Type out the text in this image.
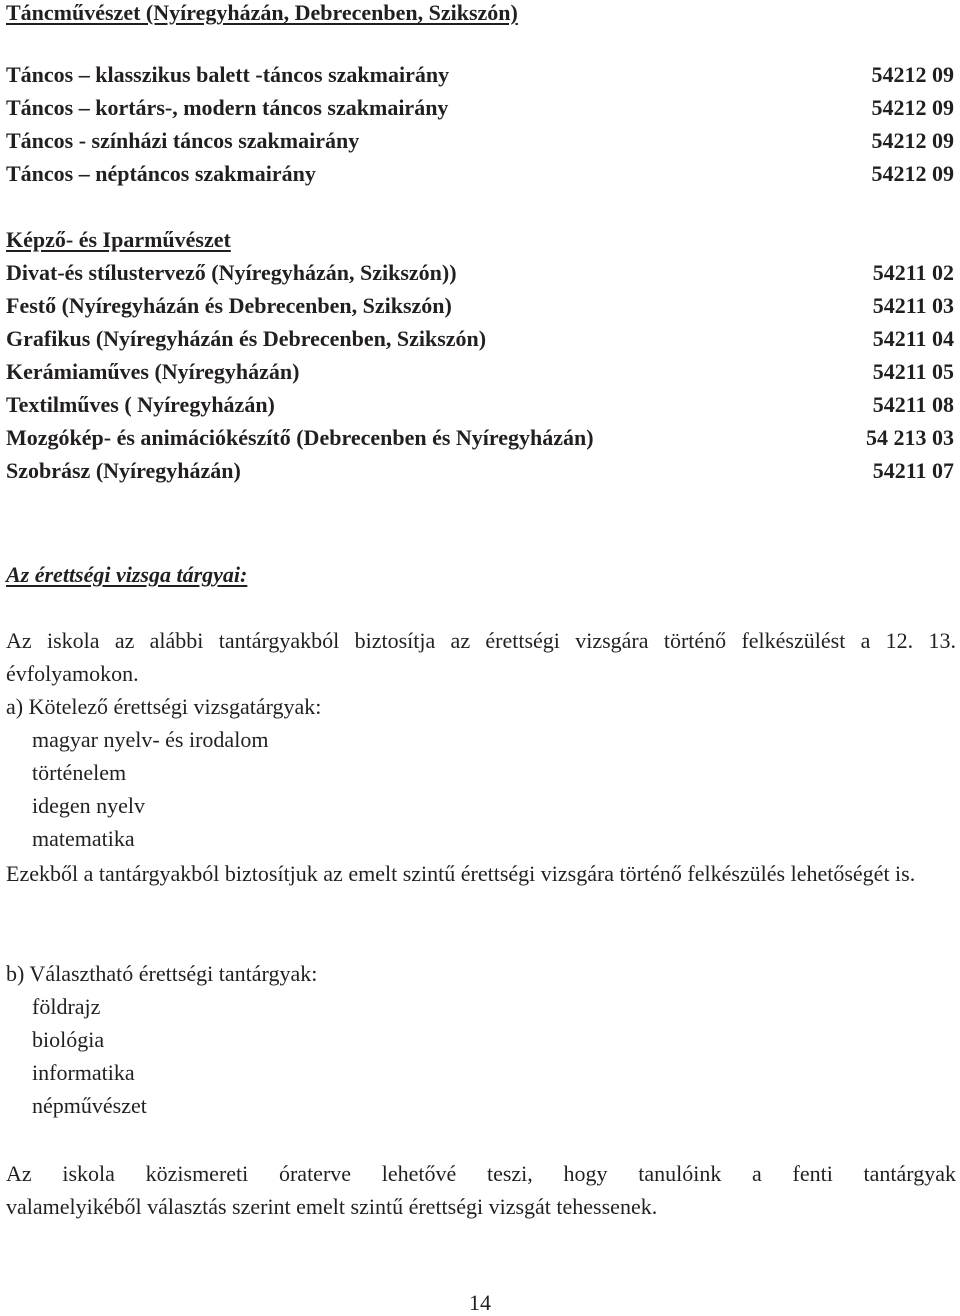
Táncművészet (Nyíregyházán, Debrecenben, Szikszón)
Táncos – klasszikus balett -táncos szakmairány	54212 09
Táncos – kortárs-, modern táncos szakmairány	54212 09
Táncos - színházi táncos szakmairány	54212 09
Táncos – néptáncos szakmairány	54212 09
Képző- és Iparművészet
Divat-és stílustervező (Nyíregyházán, Szikszón))	54211 02
Festő (Nyíregyházán és Debrecenben, Szikszón)	54211 03
Grafikus (Nyíregyházán és Debrecenben, Szikszón)	54211 04
Kerámiaműves (Nyíregyházán)	54211 05
Textilműves ( Nyíregyházán)	54211 08
Mozgókép- és animációkészítő (Debrecenben és Nyíregyházán)	54 213 03
Szobrász (Nyíregyházán)	54211 07
Az érettségi vizsga tárgyai:
Az iskola az alábbi tantárgyakból biztosítja az érettségi vizsgára történő felkészülést a 12. 13. évfolyamokon.
a) Kötelező érettségi vizsgatárgyak:
magyar nyelv- és irodalom
történelem
idegen nyelv
matematika
Ezekből a tantárgyakból biztosítjuk az emelt szintű érettségi vizsgára történő felkészülés lehetőségét is.
b) Választható érettségi tantárgyak:
földrajz
biológia
informatika
népművészet
Az iskola közismereti óraterve lehetővé teszi, hogy tanulóink a fenti tantárgyak
valamelyikéből választás szerint emelt szintű érettségi vizsgát tehessenek.
14
